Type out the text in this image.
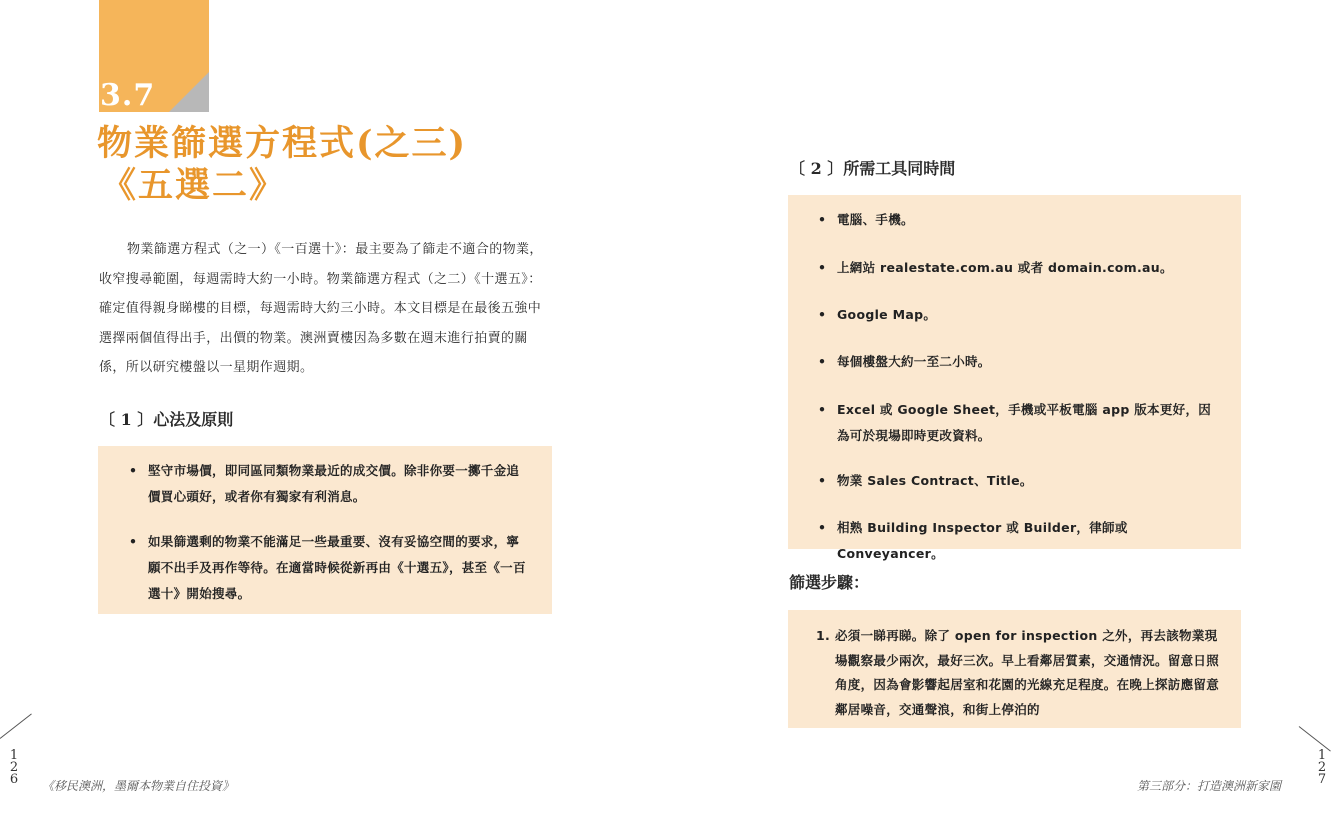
3.7
物業篩選方程式(之三)
《五選二》

物業篩選方程式（之一）《一百選十》：最主要為了篩走不適合的物業，收窄搜尋範圍，每週需時大約一小時。物業篩選方程式（之二）《十選五》：確定值得親身睇樓的目標，每週需時大約三小時。本文目標是在最後五強中選擇兩個值得出手，出價的物業。澳洲賣樓因為多數在週末進行拍賣的關係，所以研究樓盤以一星期作週期。

〔 1 〕心法及原則
• 堅守市場價，即同區同類物業最近的成交價。除非你要一擲千金追價買心頭好，或者你有獨家有利消息。
• 如果篩選剩的物業不能滿足一些最重要、沒有妥協空間的要求，寧願不出手及再作等待。在適當時候從新再由《十選五》，甚至《一百選十》開始搜尋。
1
2
6 《移民澳洲，墨爾本物業自住投資》
〔 2 〕所需工具同時間
• 電腦、手機。
• 上網站 realestate.com.au 或者 domain.com.au。
• Google Map。
• 每個樓盤大約一至二小時。
• Excel 或 Google Sheet，手機或平板電腦 app 版本更好，因為可於現場即時更改資料。
• 物業 Sales Contract、Title。
• 相熟 Building Inspector 或 Builder，律師或 Conveyancer。
篩選步驟：
1. 必須一睇再睇。除了 open for inspection 之外，再去該物業現場觀察最少兩次，最好三次。早上看鄰居質素，交通情況。留意日照角度，因為會影響起居室和花園的光線充足程度。在晚上探訪應留意鄰居噪音，交通聲浪，和街上停泊的
1
2
7
第三部分：打造澳洲新家園
